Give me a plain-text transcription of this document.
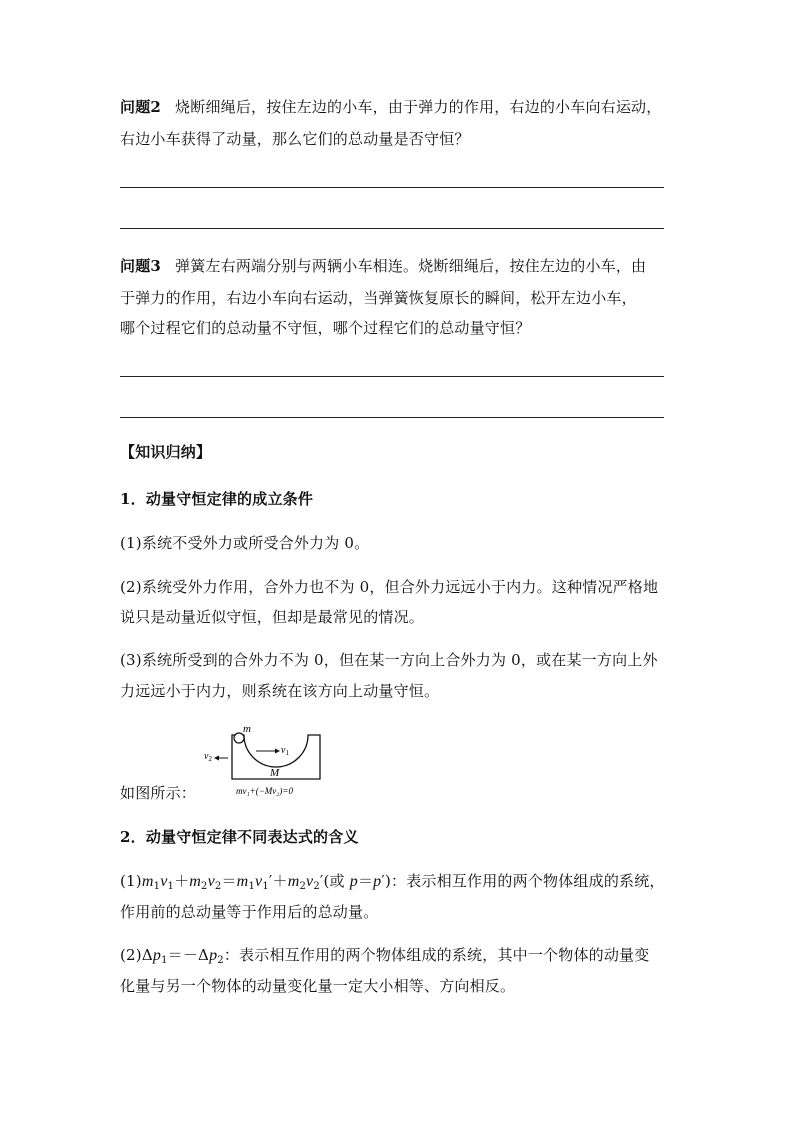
问题2 烧断细绳后，按住左边的小车，由于弹力的作用，右边的小车向右运动，
右边小车获得了动量，那么它们的总动量是否守恒？
问题3 弹簧左右两端分别与两辆小车相连。烧断细绳后，按住左边的小车，由
于弹力的作用，右边小车向右运动，当弹簧恢复原长的瞬间，松开左边小车，
哪个过程它们的总动量不守恒，哪个过程它们的总动量守恒？
【知识归纳】
1．动量守恒定律的成立条件
(1)系统不受外力或所受合外力为 0。
(2)系统受外力作用，合外力也不为 0，但合外力远远小于内力。这种情况严格地
说只是动量近似守恒，但却是最常见的情况。
(3)系统所受到的合外力不为 0，但在某一方向上合外力为 0，或在某一方向上外
力远远小于内力，则系统在该方向上动量守恒。
如图所示：
m
$v_1$
$v_2$
M
mv₁+(−Mv₂)=0
2．动量守恒定律不同表达式的含义
$(1)m_1v_1+m_2v_2=m_1v_1'+m_2v_2'$(或 p＝p′)：表示相互作用的两个物体组成的系统，
作用前的总动量等于作用后的总动量。
$(2)\Delta p_1=-\Delta p_2$：表示相互作用的两个物体组成的系统，其中一个物体的动量变
化量与另一个物体的动量变化量一定大小相等、方向相反。
